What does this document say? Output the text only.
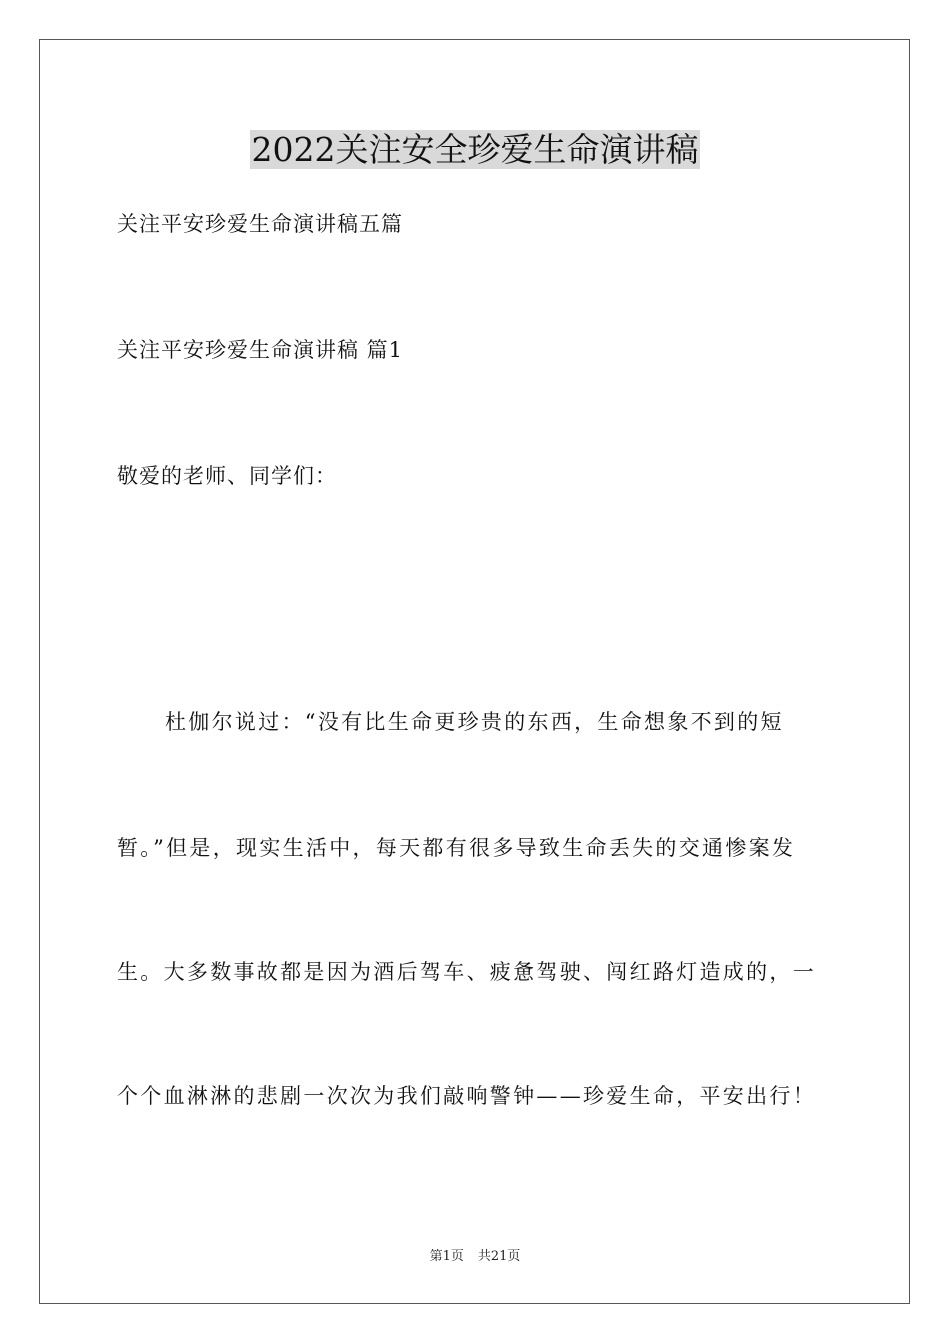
2022关注安全珍爱生命演讲稿
关注平安珍爱生命演讲稿五篇
关注平安珍爱生命演讲稿 篇1
敬爱的老师、同学们：
杜伽尔说过：“没有比生命更珍贵的东西，生命想象不到的短
暂。”但是，现实生活中，每天都有很多导致生命丢失的交通惨案发
生。大多数事故都是因为酒后驾车、疲惫驾驶、闯红路灯造成的，一
个个血淋淋的悲剧一次次为我们敲响警钟——珍爱生命，平安出行！
第1页 共21页
